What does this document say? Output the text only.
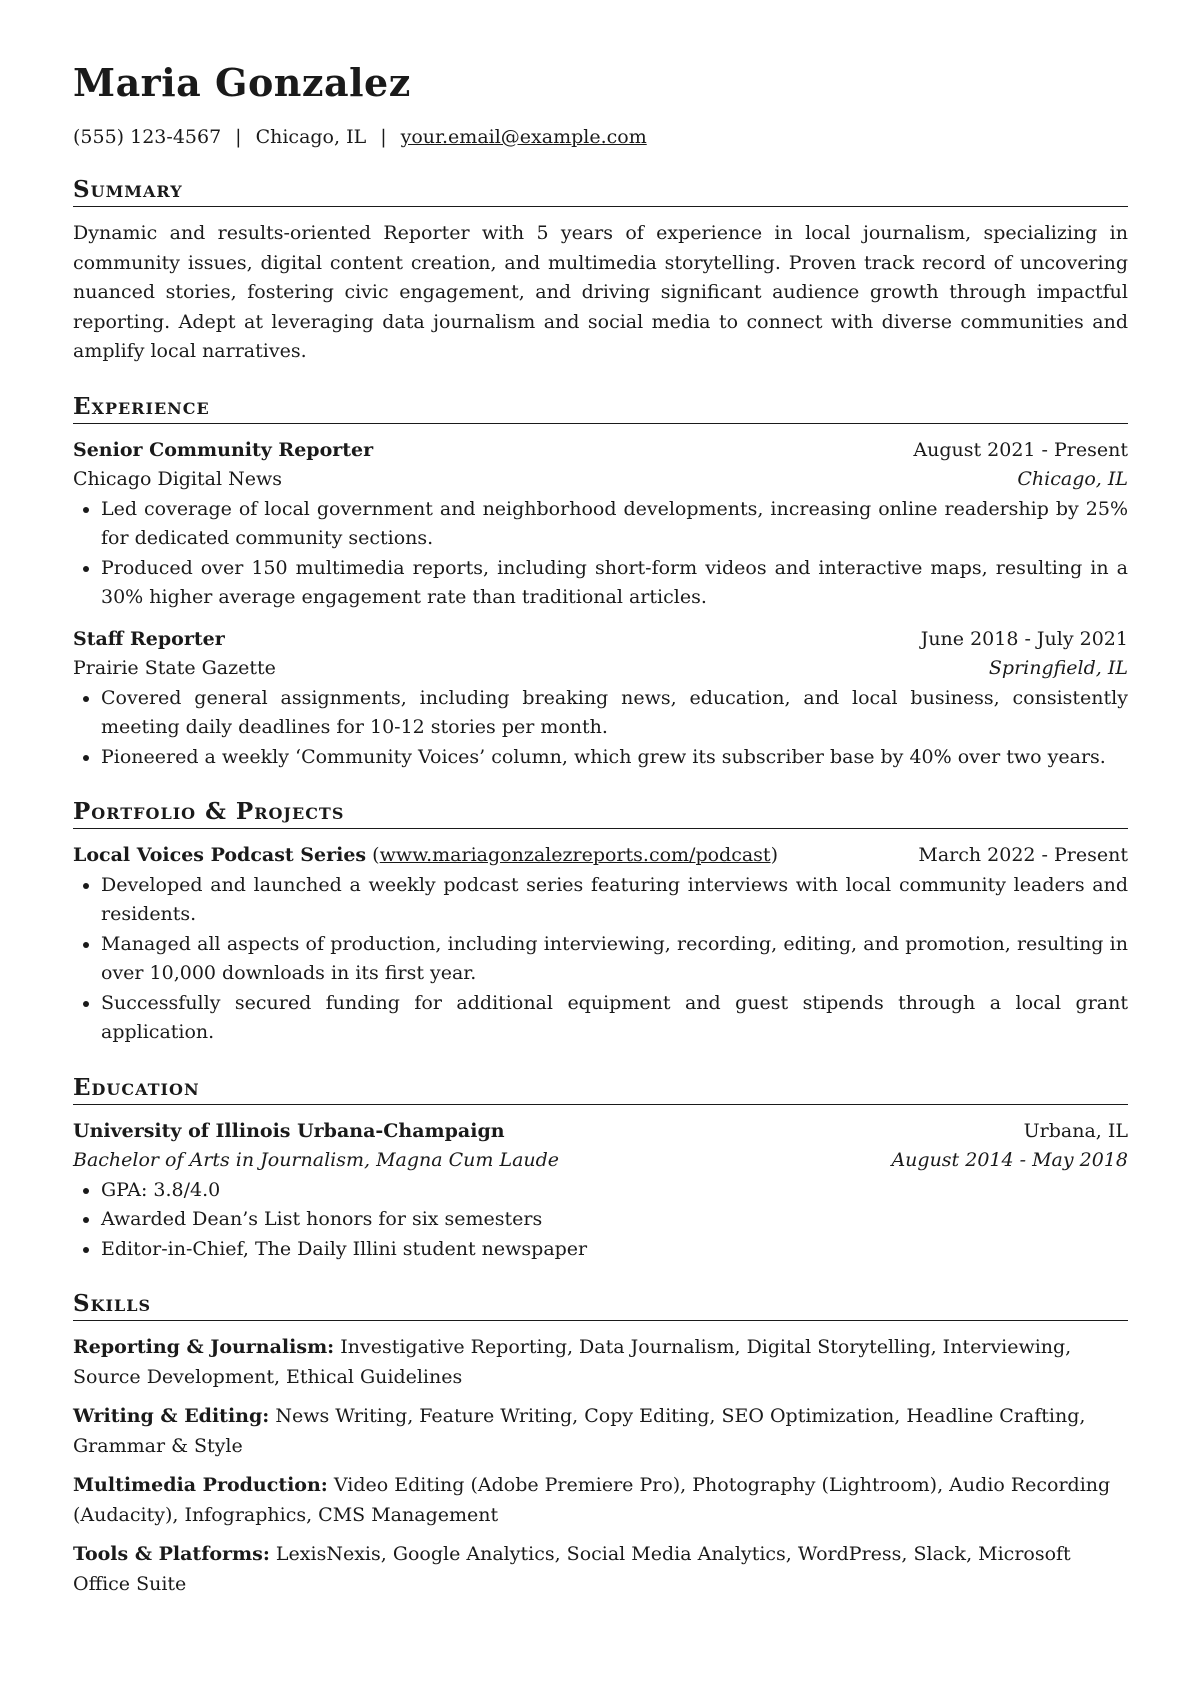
Maria Gonzalez
(555) 123-4567 | Chicago, IL | your.email@example.com
Summary

Dynamic and results-oriented Reporter with 5 years of experience in local journalism, specializing in community issues, digital content creation, and multimedia storytelling. Proven track record of uncovering nuanced stories, fostering civic engagement, and driving significant audience growth through impactful reporting. Adept at leveraging data journalism and social media to connect with diverse communities and amplify local narratives.

Experience
Senior Community Reporter	August 2021 - Present
Chicago Digital News	Chicago, IL
• Led coverage of local government and neighborhood developments, increasing online readership by 25% for dedicated community sections.
• Produced over 150 multimedia reports, including short-form videos and interactive maps, resulting in a 30% higher average engagement rate than traditional articles.
Staff Reporter	June 2018 - July 2021
Prairie State Gazette	Springfield, IL
• Covered general assignments, including breaking news, education, and local business, consistently meeting daily deadlines for 10-12 stories per month.
• Pioneered a weekly ‘Community Voices’ column, which grew its subscriber base by 40% over two years.
Portfolio & Projects
Local Voices Podcast Series (www.mariagonzalezreports.com/podcast)	March 2022 - Present
• Developed and launched a weekly podcast series featuring interviews with local community leaders and residents.
• Managed all aspects of production, including interviewing, recording, editing, and promotion, resulting in over 10,000 downloads in its first year.
• Successfully secured funding for additional equipment and guest stipends through a local grant application.
Education
University of Illinois Urbana-Champaign	Urbana, IL
Bachelor of Arts in Journalism, Magna Cum Laude	August 2014 - May 2018
• GPA: 3.8/4.0
• Awarded Dean’s List honors for six semesters
• Editor-in-Chief, The Daily Illini student newspaper
Skills
Reporting & Journalism: Investigative Reporting, Data Journalism, Digital Storytelling, Interviewing, Source Development, Ethical Guidelines
Writing & Editing: News Writing, Feature Writing, Copy Editing, SEO Optimization, Headline Crafting, Grammar & Style
Multimedia Production: Video Editing (Adobe Premiere Pro), Photography (Lightroom), Audio Recording (Audacity), Infographics, CMS Management
Tools & Platforms: LexisNexis, Google Analytics, Social Media Analytics, WordPress, Slack, Microsoft Office Suite
